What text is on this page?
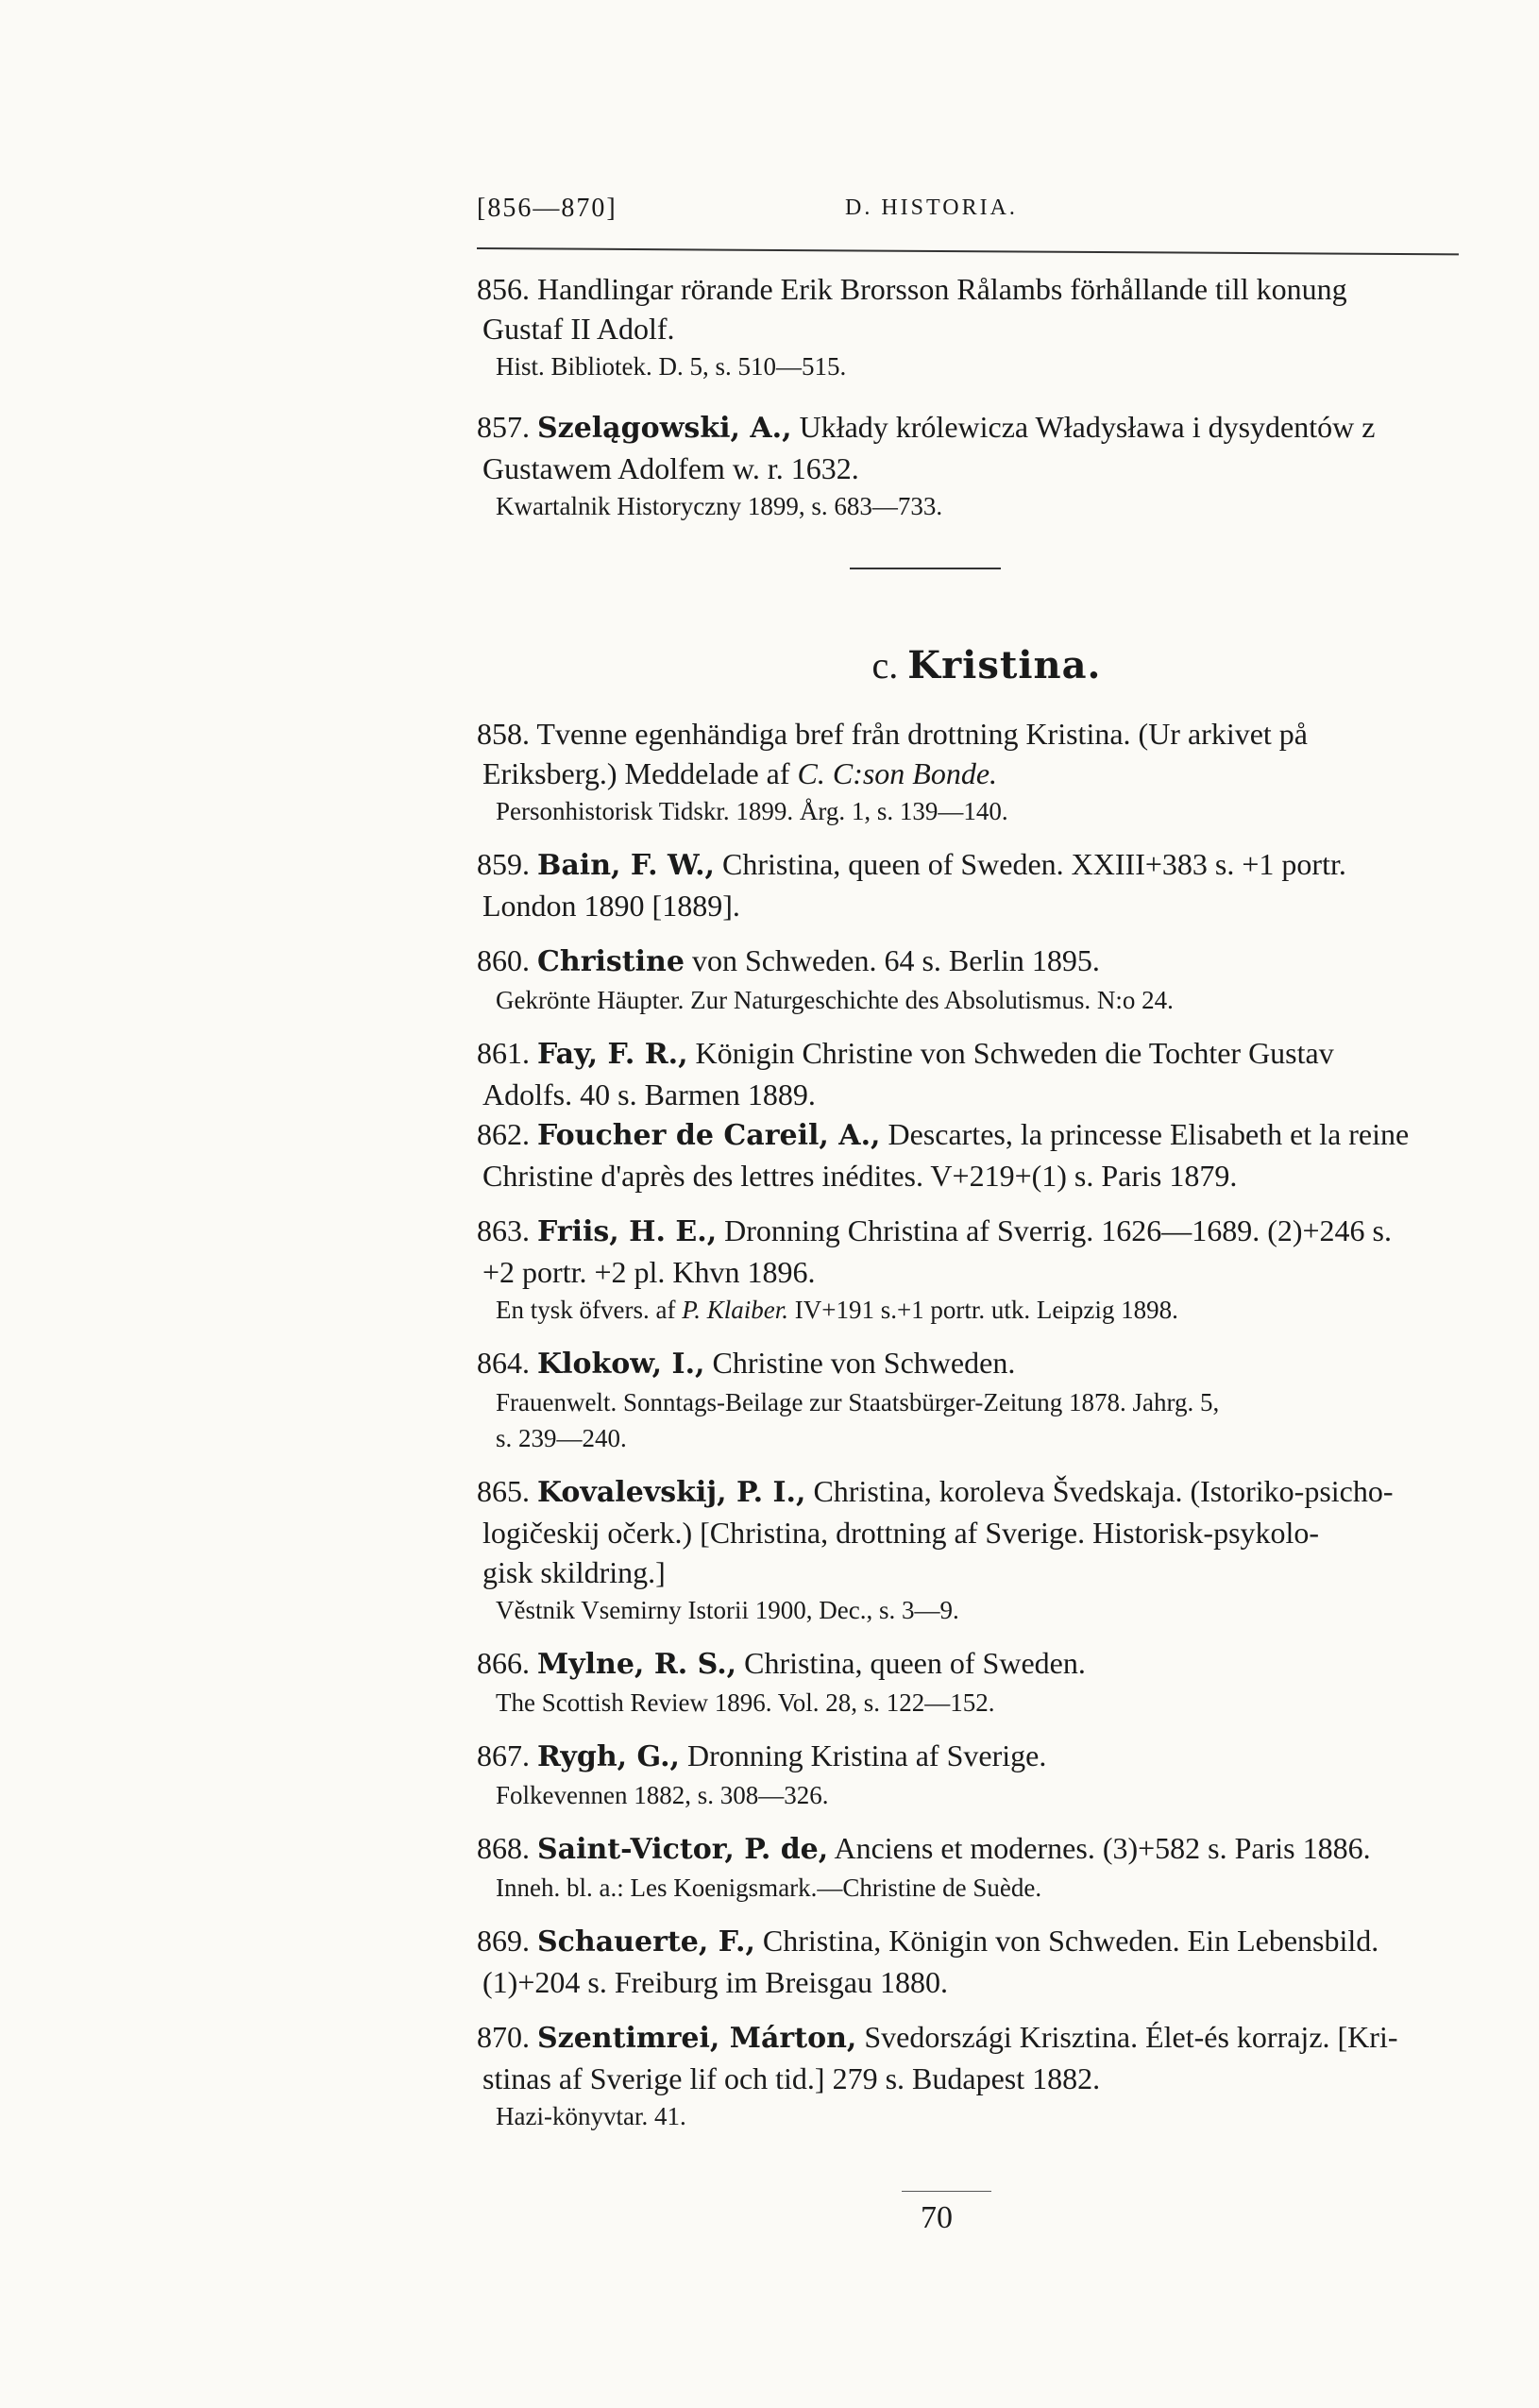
[856—870]	D. HISTORIA.
856. Handlingar rörande Erik Brorsson Rålambs förhållande till konung
Gustaf II Adolf.
Hist. Bibliotek. D. 5, s. 510—515.
857. Szelągowski, A., Układy królewicza Władysława i dysydentów z
Gustawem Adolfem w. r. 1632.
Kwartalnik Historyczny 1899, s. 683—733.
c. Kristina.
858. Tvenne egenhändiga bref från drottning Kristina. (Ur arkivet på
Eriksberg.) Meddelade af C. C:son Bonde.
Personhistorisk Tidskr. 1899. Årg. 1, s. 139—140.
859. Bain, F. W., Christina, queen of Sweden. XXIII+383 s. +1 portr.
London 1890 [1889].
860. Christine von Schweden. 64 s. Berlin 1895.
Gekrönte Häupter. Zur Naturgeschichte des Absolutismus. N:o 24.
861. Fay, F. R., Königin Christine von Schweden die Tochter Gustav
Adolfs. 40 s. Barmen 1889.
862. Foucher de Careil, A., Descartes, la princesse Elisabeth et la reine
Christine d'après des lettres inédites. V+219+(1) s. Paris 1879.
863. Friis, H. E., Dronning Christina af Sverrig. 1626—1689. (2)+246 s.
+2 portr. +2 pl. Khvn 1896.
En tysk öfvers. af P. Klaiber. IV+191 s.+1 portr. utk. Leipzig 1898.
864. Klokow, I., Christine von Schweden.
Frauenwelt. Sonntags-Beilage zur Staatsbürger-Zeitung 1878. Jahrg. 5,
s. 239—240.
865. Kovalevskij, P. I., Christina, koroleva Švedskaja. (Istoriko-psicho-
logičeskij očerk.) [Christina, drottning af Sverige. Historisk-psykolo-
gisk skildring.]
Věstnik Vsemirny Istorii 1900, Dec., s. 3—9.
866. Mylne, R. S., Christina, queen of Sweden.
The Scottish Review 1896. Vol. 28, s. 122—152.
867. Rygh, G., Dronning Kristina af Sverige.
Folkevennen 1882, s. 308—326.
868. Saint-Victor, P. de, Anciens et modernes. (3)+582 s. Paris 1886.
Inneh. bl. a.: Les Koenigsmark.—Christine de Suède.
869. Schauerte, F., Christina, Königin von Schweden. Ein Lebensbild.
(1)+204 s. Freiburg im Breisgau 1880.
870. Szentimrei, Márton, Svedországi Krisztina. Élet-és korrajz. [Kri-
stinas af Sverige lif och tid.] 279 s. Budapest 1882.
Hazi-könyvtar. 41.
70
